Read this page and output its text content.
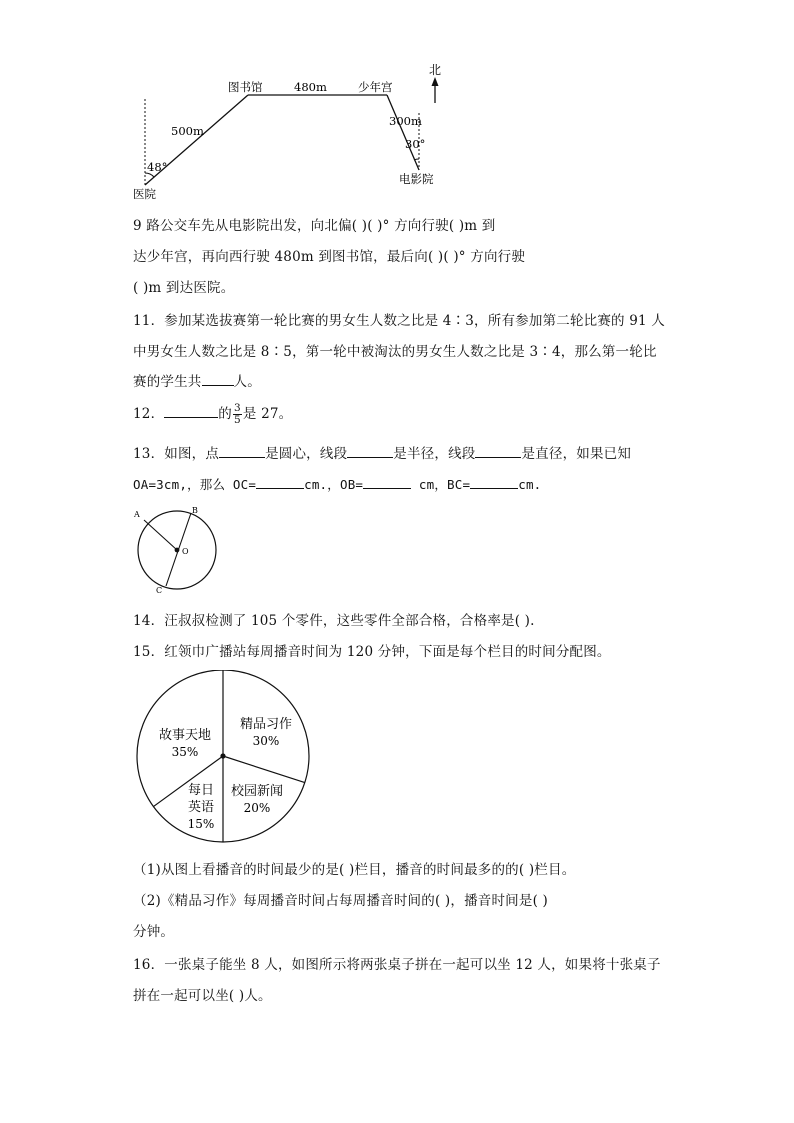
北
图书馆	少年宫
480m
500m
300m
48°
30°
医院
电影院
9 路公交车先从电影院出发，向北偏( )( )° 方向行驶( )m 到
达少年宫，再向西行驶 480m 到图书馆，最后向( )( )° 方向行驶
( )m 到达医院。
11．参加某选拔赛第一轮比赛的男女生人数之比是 4∶3，所有参加第二轮比赛的 91 人
中男女生人数之比是 8∶5，第一轮中被淘汰的男女生人数之比是 3∶4，那么第一轮比
赛的学生共 人。
12．	的 $\frac{3}{5}$ 是 27。
13．如图，点	是圆心，线段	是半径，线段	是直径，如果已知
OA=3cm,，那么 OC=	cm.，OB=	cm，BC=	cm.
A	B
O
C
14．汪叔叔检测了 105 个零件，这些零件全部合格，合格率是( ).
15．红领巾广播站每周播音时间为 120 分钟，下面是每个栏目的时间分配图。
精品习作
30%
校园新闻
20%
每日
英语
15%
故事天地
35%
（1)从图上看播音的时间最少的是( )栏目，播音的时间最多的的( )栏目。
（2)《精品习作》每周播音时间占每周播音时间的( )，播音时间是( )
分钟。
16．一张桌子能坐 8 人，如图所示将两张桌子拼在一起可以坐 12 人，如果将十张桌子
拼在一起可以坐( )人。
